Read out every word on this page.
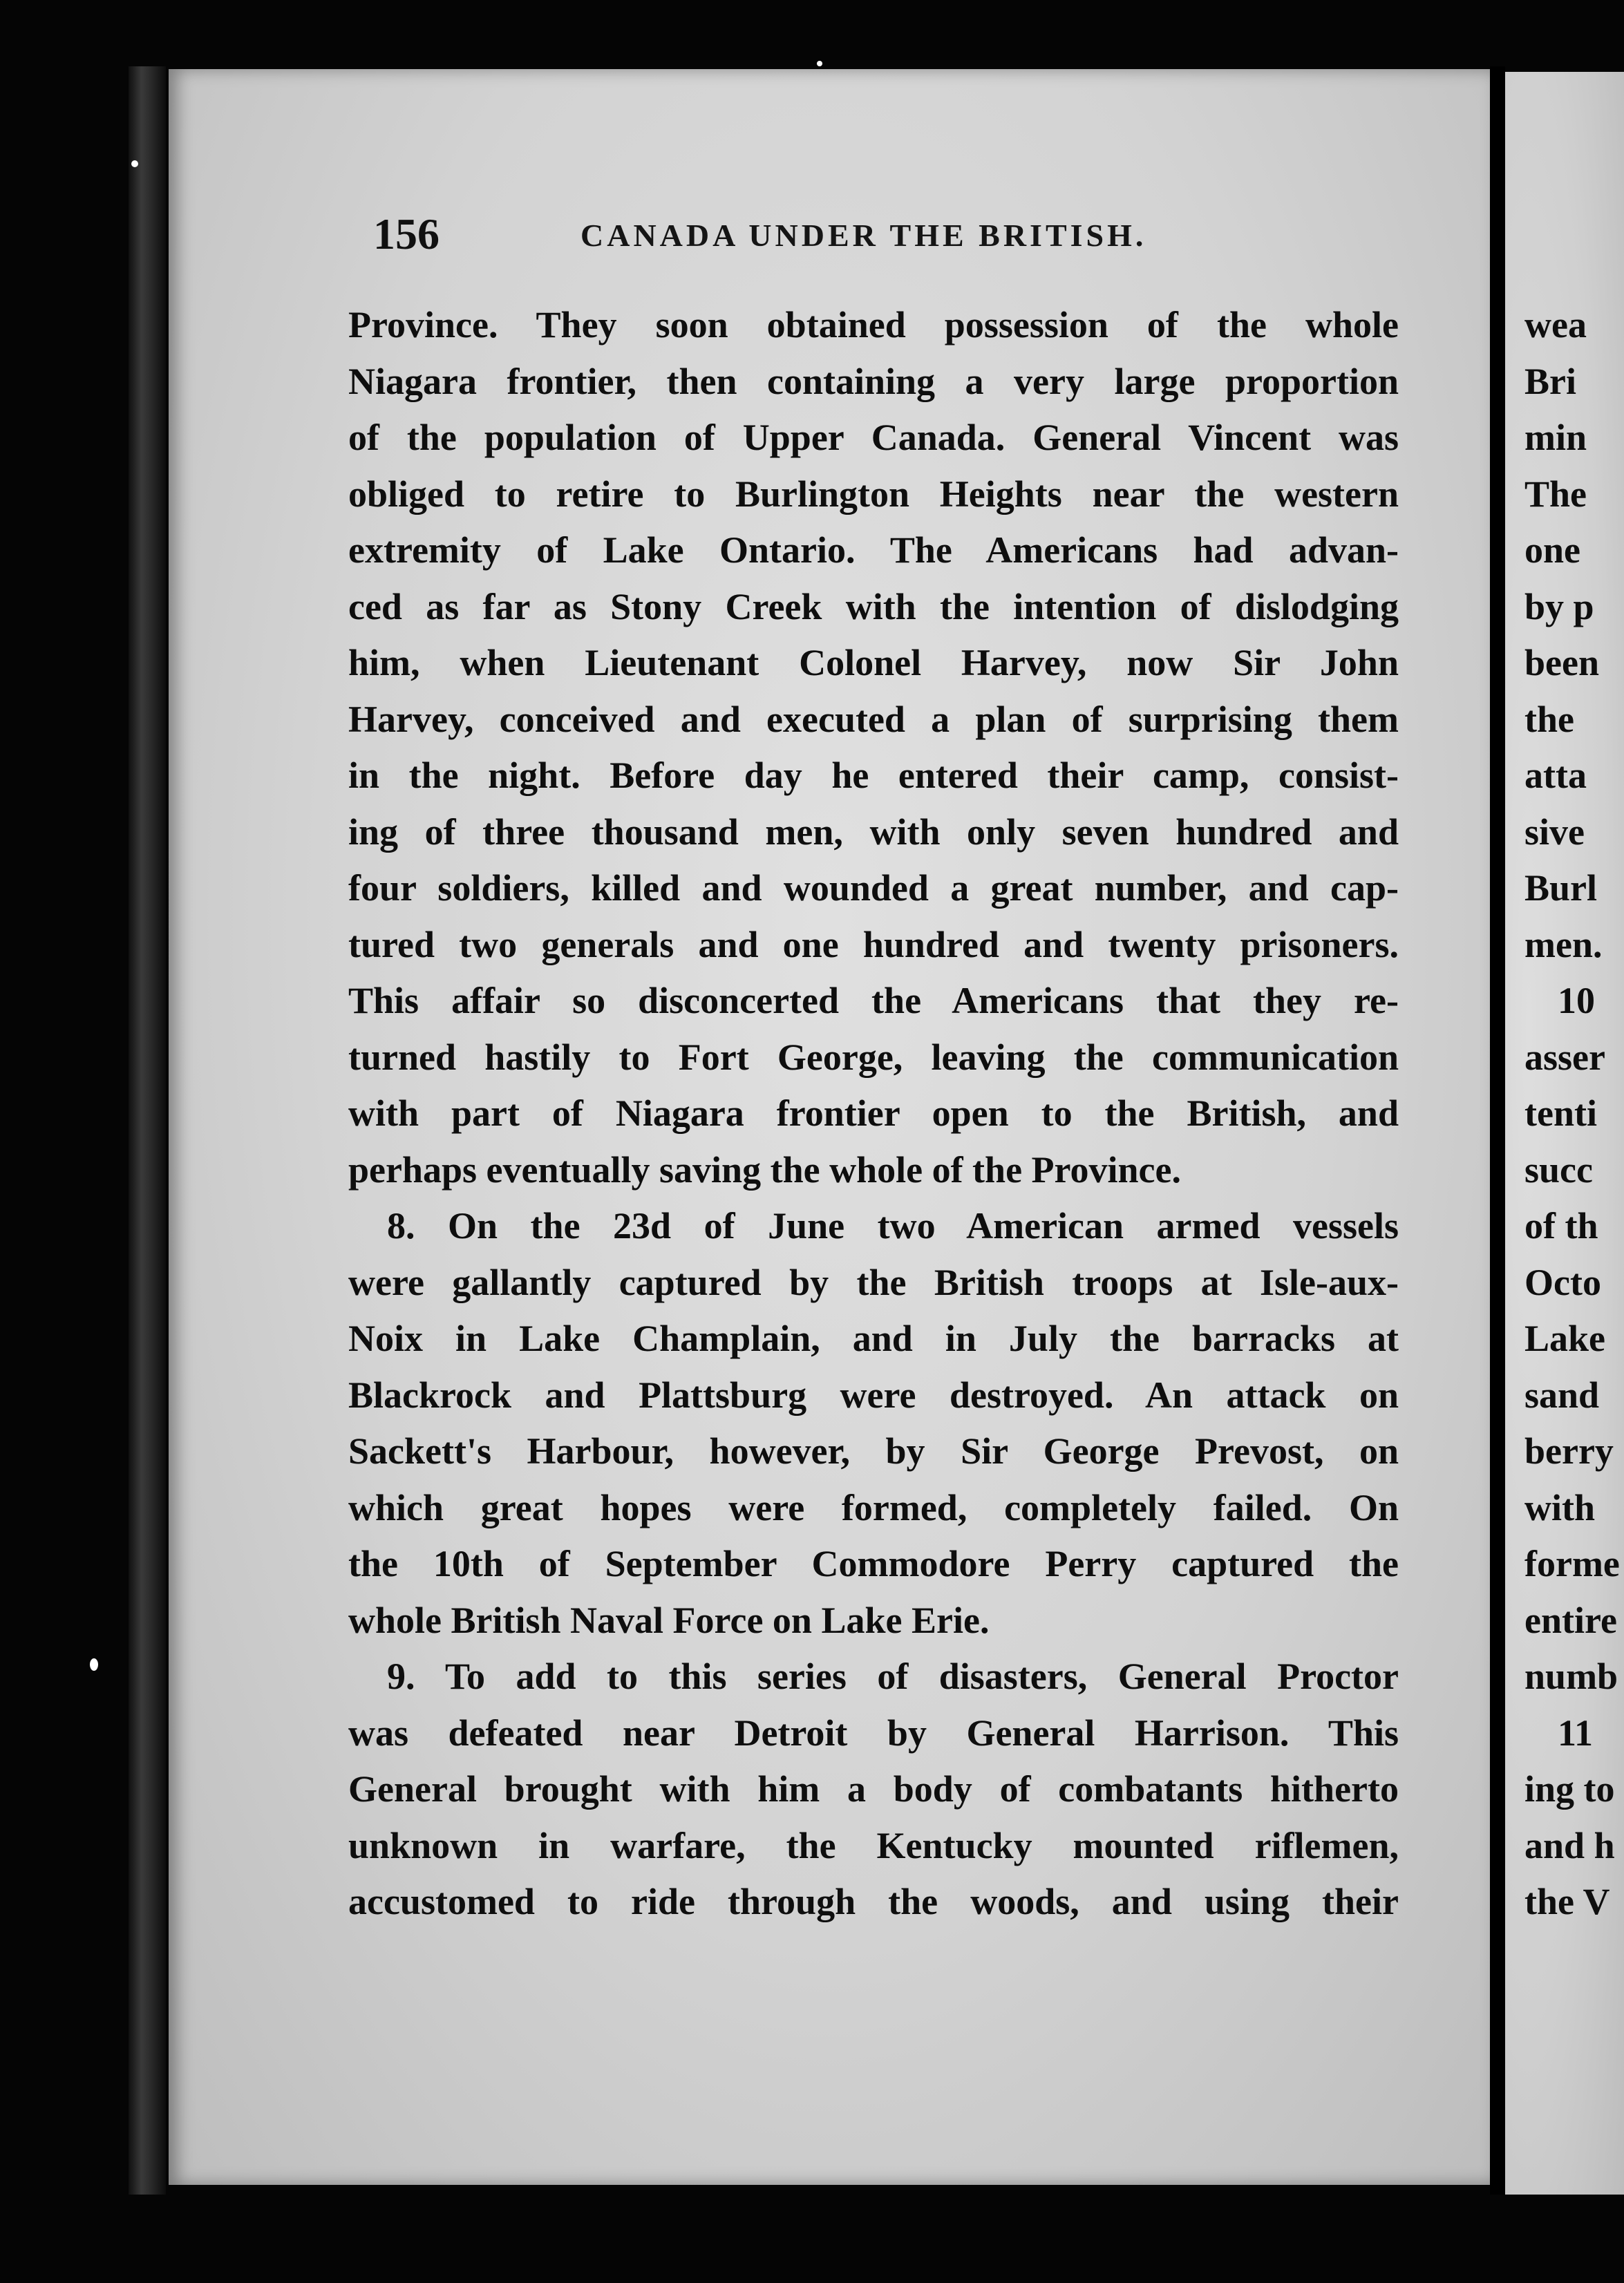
wea
Bri
min
The
one
by p
been
the
atta
sive
Burl
men.
10
asser
tenti
succ
of th
Octo
Lake
sand
berry
with
forme
entire
numb
11
ing to
and h
the V
156	CANADA UNDER THE BRITISH.
Province. They soon obtained possession of the whole
Niagara frontier, then containing a very large proportion
of the population of Upper Canada. General Vincent was
obliged to retire to Burlington Heights near the western
extremity of Lake Ontario. The Americans had advan-
ced as far as Stony Creek with the intention of dislodging
him, when Lieutenant Colonel Harvey, now Sir John
Harvey, conceived and executed a plan of surprising them
in the night. Before day he entered their camp, consist-
ing of three thousand men, with only seven hundred and
four soldiers, killed and wounded a great number, and cap-
tured two generals and one hundred and twenty prisoners.
This affair so disconcerted the Americans that they re-
turned hastily to Fort George, leaving the communication
with part of Niagara frontier open to the British, and
perhaps eventually saving the whole of the Province.
8. On the 23d of June two American armed vessels
were gallantly captured by the British troops at Isle-aux-
Noix in Lake Champlain, and in July the barracks at
Blackrock and Plattsburg were destroyed. An attack on
Sackett's Harbour, however, by Sir George Prevost, on
which great hopes were formed, completely failed. On
the 10th of September Commodore Perry captured the
whole British Naval Force on Lake Erie.
9. To add to this series of disasters, General Proctor
was defeated near Detroit by General Harrison. This
General brought with him a body of combatants hitherto
unknown in warfare, the Kentucky mounted riflemen,
accustomed to ride through the woods, and using their
